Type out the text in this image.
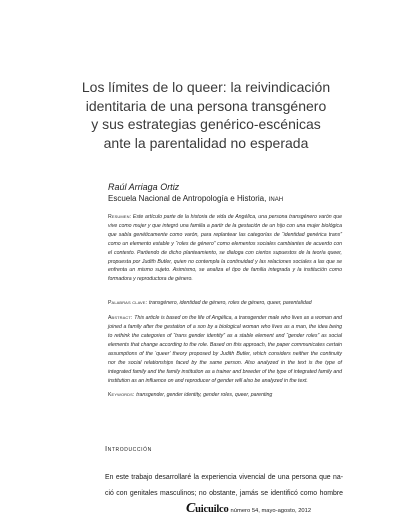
Los límites de lo queer: la reivindicación
identitaria de una persona transgénero
y sus estrategias genérico-escénicas
ante la parentalidad no esperada
Raúl Arriaga Ortiz
Escuela Nacional de Antropología e Historia, inah
Resumen: Este artículo parte de la historia de vida de Angélica, una persona transgénero varón que vive como mujer y que integró una familia a partir de la gestación de un hijo con una mujer biológica que sabía genéticamente como varón, para replantear las categorías de “identidad genérica trans” como un elemento estable y “roles de género” como elementos sociales cambiantes de acuerdo con el contexto. Partiendo de dicho planteamiento, se dialoga con ciertos supuestos de la teoría queer, propuesta por Judith Butler, quien no contempla la continuidad y las relaciones sociales a las que se enfrenta un mismo sujeto. Asimismo, se analiza el tipo de familia integrada y la institución como formadora y reproductora de género.
Palabras clave: transgénero, identidad de género, roles de género, queer, parentalidad
Abstract: This article is based on the life of Angélica, a transgender male who lives as a woman and joined a family after the gestation of a son by a biological woman who lives as a man, the idea being to rethink the categories of “trans gender identity” as a stable element and “gender roles” as social elements that change according to the role. Based on this approach, the paper communicates certain assumptions of the ‘queer’ theory proposed by Judith Butler, which considers neither the continuity nor the social relationships faced by the same person. Also analyzed in the text is the type of integrated family and the family institution as a trainer and breeder of the type of integrated family and institution as an influence on and reproducer of gender will also be analyzed in the text.
Keywords: transgender, gender identity, gender roles, queer, parenting
Introducción
En este trabajo desarrollaré la experiencia vivencial de una persona que na-
ció con genitales masculinos; no obstante, jamás se identificó como hombre
Cuicuilco número 54, mayo-agosto, 2012
